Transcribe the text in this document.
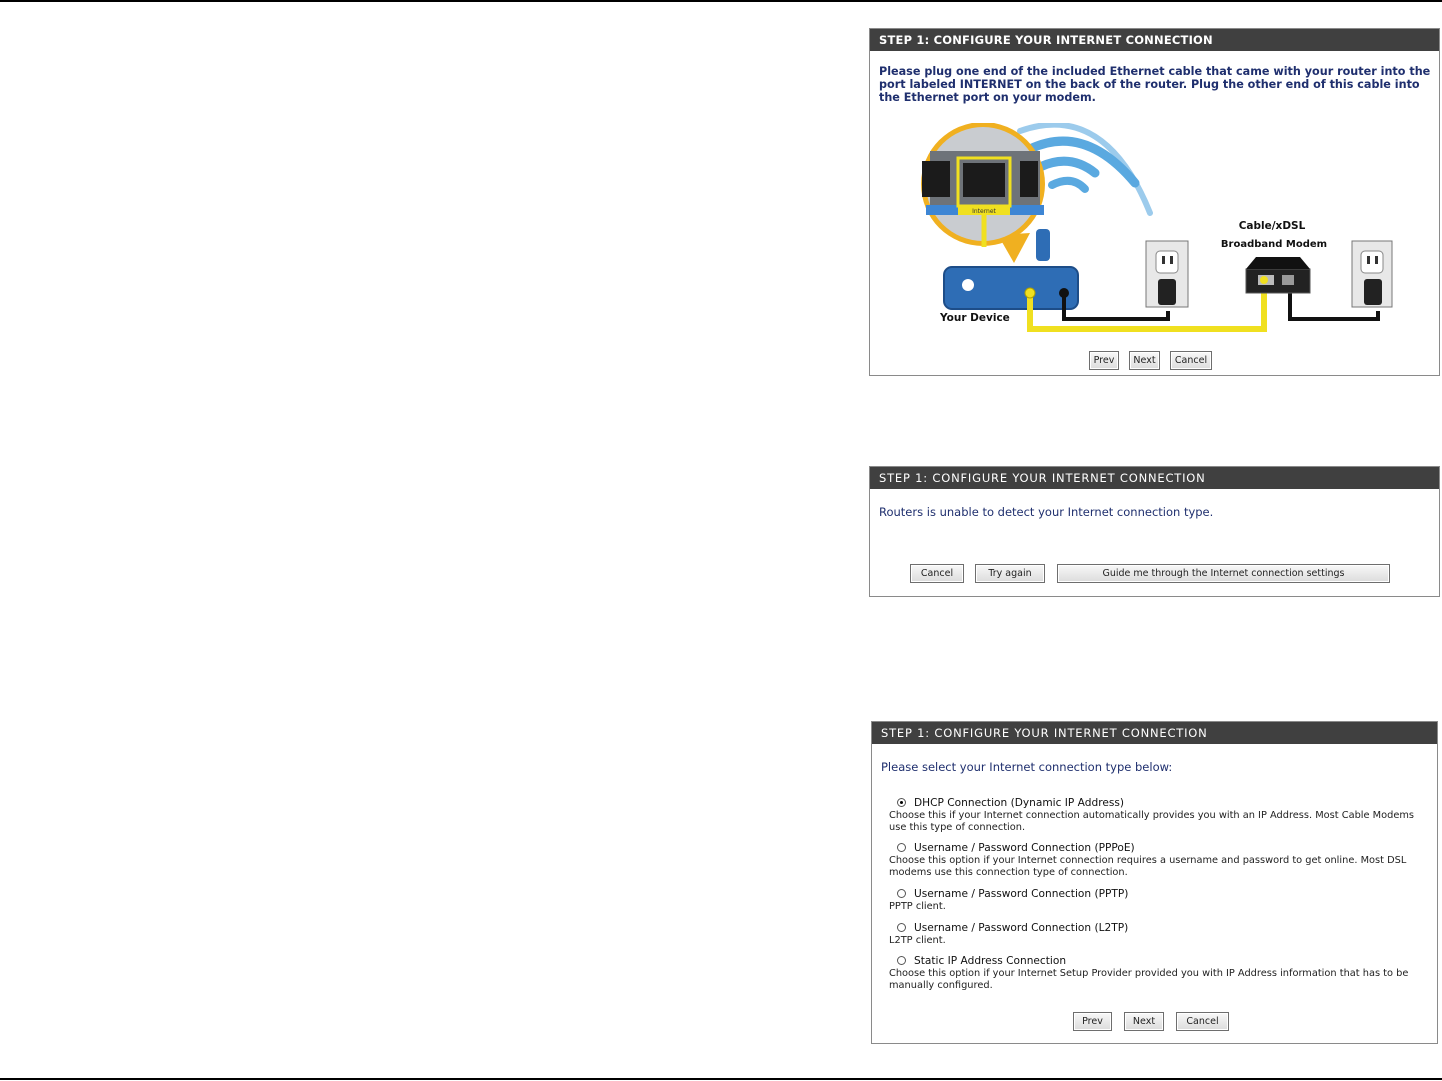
STEP 1: CONFIGURE YOUR INTERNET CONNECTION
Please plug one end of the included Ethernet cable that came with your router into the port labeled INTERNET on the back of the router. Plug the other end of this cable into the Ethernet port on your modem.
Internet
Cable/xDSL
Broadband Modem
Your Device
Prev	Next	Cancel
STEP 1: CONFIGURE YOUR INTERNET CONNECTION
Routers is unable to detect your Internet connection type.
Cancel	Try again	Guide me through the Internet connection settings
STEP 1: CONFIGURE YOUR INTERNET CONNECTION
Please select your Internet connection type below:
DHCP Connection (Dynamic IP Address)
Choose this if your Internet connection automatically provides you with an IP Address. Most Cable Modems use this type of connection.
Username / Password Connection (PPPoE)
Choose this option if your Internet connection requires a username and password to get online. Most DSL modems use this connection type of connection.
Username / Password Connection (PPTP)
PPTP client.
Username / Password Connection (L2TP)
L2TP client.
Static IP Address Connection
Choose this option if your Internet Setup Provider provided you with IP Address information that has to be manually configured.
Prev	Next	Cancel
